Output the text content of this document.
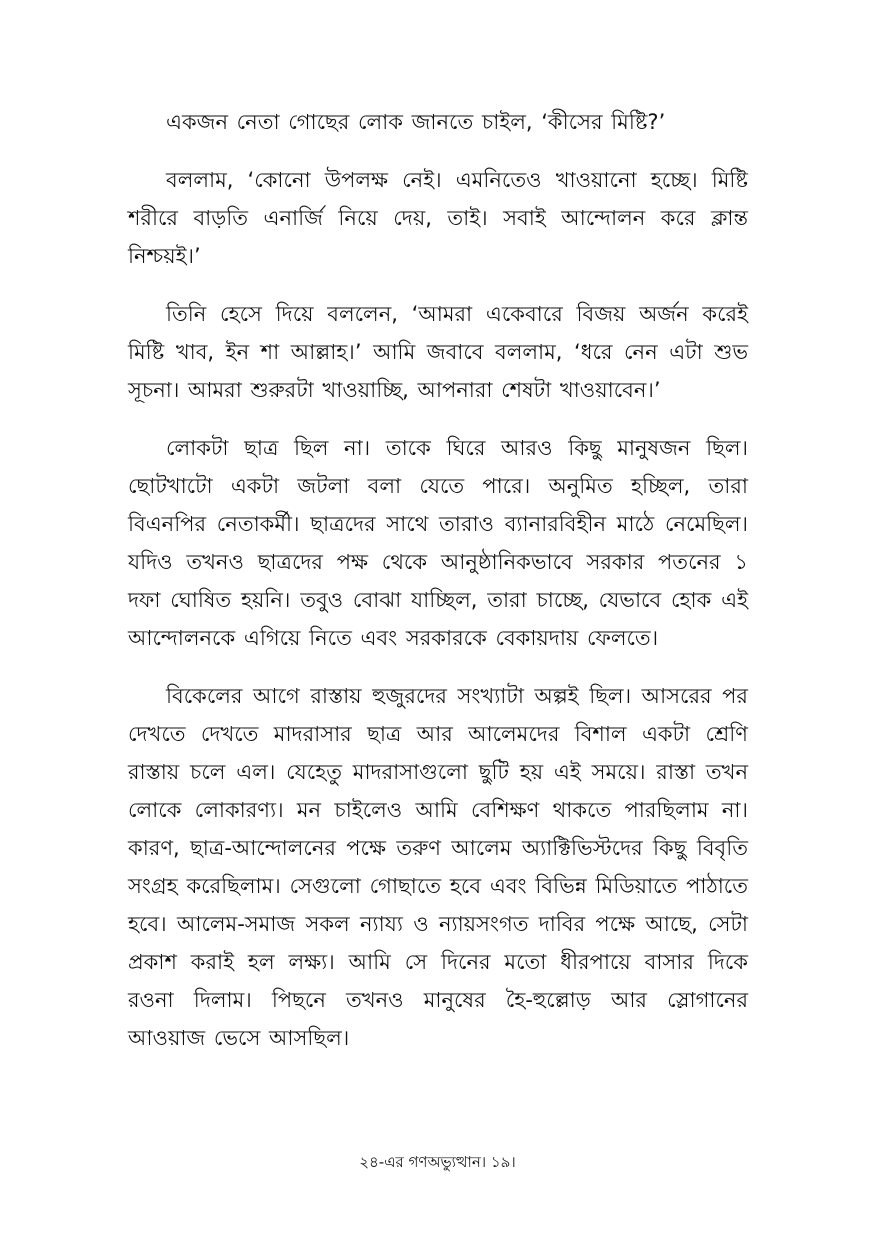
একজন নেতা গোছের লোক জানতে চাইল, ‘কীসের মিষ্টি?’

বললাম, ‘কোনো উপলক্ষ নেই। এমনিতেও খাওয়ানো হচ্ছে। মিষ্টি শরীরে বাড়তি এনার্জি নিয়ে দেয়, তাই। সবাই আন্দোলন করে ক্লান্ত নিশ্চয়ই।’

তিনি হেসে দিয়ে বললেন, ‘আমরা একেবারে বিজয় অর্জন করেই মিষ্টি খাব, ইন শা আল্লাহ।’ আমি জবাবে বললাম, ‘ধরে নেন এটা শুভ সূচনা। আমরা শুরুরটা খাওয়াচ্ছি, আপনারা শেষটা খাওয়াবেন।’

লোকটা ছাত্র ছিল না। তাকে ঘিরে আরও কিছু মানুষজন ছিল। ছোটখাটো একটা জটলা বলা যেতে পারে। অনুমিত হচ্ছিল, তারা বিএনপির নেতাকর্মী। ছাত্রদের সাথে তারাও ব্যানারবিহীন মাঠে নেমেছিল। যদিও তখনও ছাত্রদের পক্ষ থেকে আনুষ্ঠানিকভাবে সরকার পতনের ১ দফা ঘোষিত হয়নি। তবুও বোঝা যাচ্ছিল, তারা চাচ্ছে, যেভাবে হোক এই আন্দোলনকে এগিয়ে নিতে এবং সরকারকে বেকায়দায় ফেলতে।

বিকেলের আগে রাস্তায় হুজুরদের সংখ্যাটা অল্পই ছিল। আসরের পর দেখতে দেখতে মাদরাসার ছাত্র আর আলেমদের বিশাল একটা শ্রেণি রাস্তায় চলে এল। যেহেতু মাদরাসাগুলো ছুটি হয় এই সময়ে। রাস্তা তখন লোকে লোকারণ্য। মন চাইলেও আমি বেশিক্ষণ থাকতে পারছিলাম না। কারণ, ছাত্র-আন্দোলনের পক্ষে তরুণ আলেম অ্যাক্টিভিস্টদের কিছু বিবৃতি সংগ্রহ করেছিলাম। সেগুলো গোছাতে হবে এবং বিভিন্ন মিডিয়াতে পাঠাতে হবে। আলেম-সমাজ সকল ন্যায্য ও ন্যায়সংগত দাবির পক্ষে আছে, সেটা প্রকাশ করাই হল লক্ষ্য। আমি সে দিনের মতো ধীরপায়ে বাসার দিকে রওনা দিলাম। পিছনে তখনও মানুষের হৈ-হুল্লোড় আর স্লোগানের আওয়াজ ভেসে আসছিল।

২৪-এর গণঅভ্যুত্থান। ১৯।
